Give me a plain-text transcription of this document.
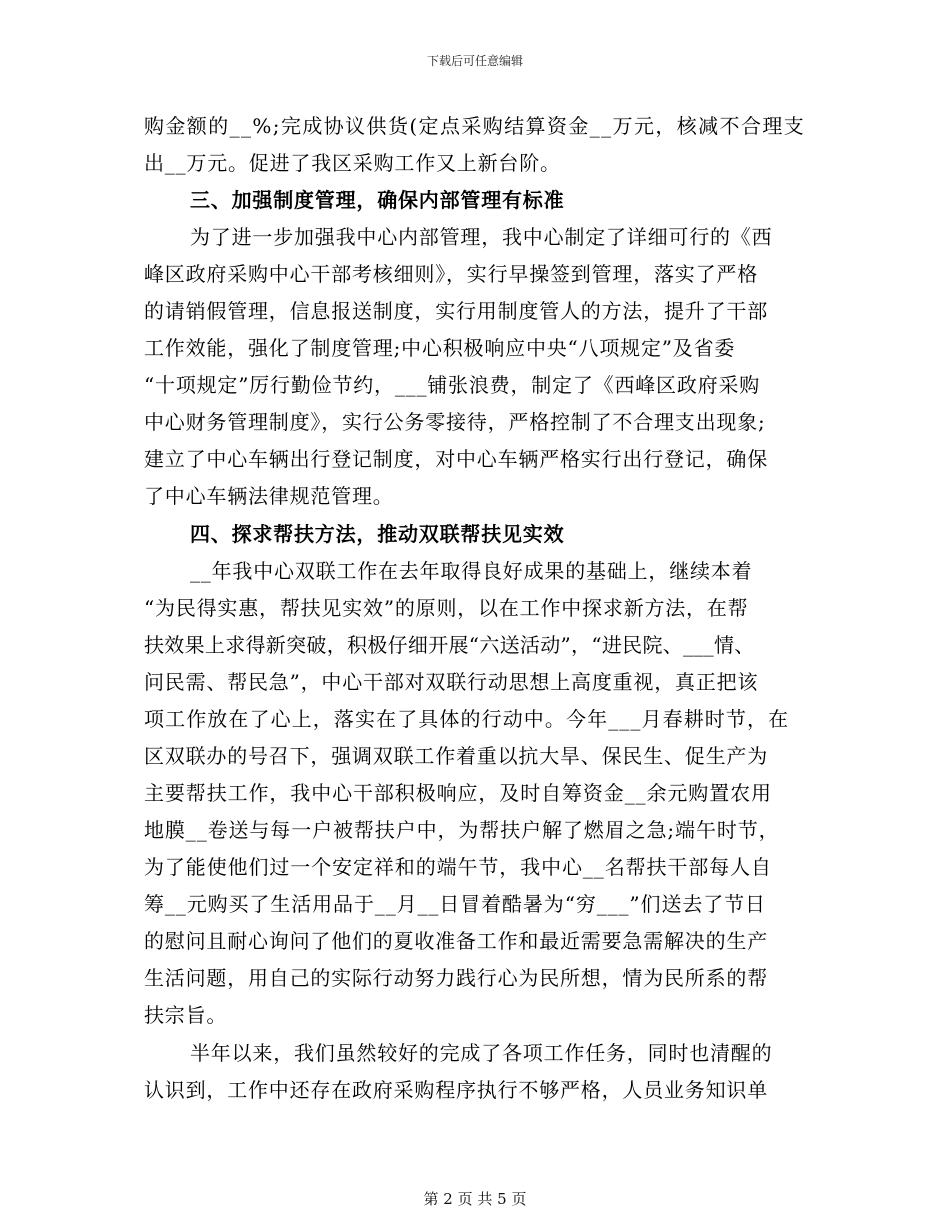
下载后可任意编辑
购金额的__%;完成协议供货(定点采购结算资金__万元，核减不合理支
出__万元。促进了我区采购工作又上新台阶。
三、加强制度管理，确保内部管理有标准
为了进一步加强我中心内部管理，我中心制定了详细可行的《西
峰区政府采购中心干部考核细则》，实行早操签到管理，落实了严格
的请销假管理，信息报送制度，实行用制度管人的方法，提升了干部
工作效能，强化了制度管理;中心积极响应中央“八项规定”及省委
“十项规定”厉行勤俭节约，___铺张浪费，制定了《西峰区政府采购
中心财务管理制度》，实行公务零接待，严格控制了不合理支出现象;
建立了中心车辆出行登记制度，对中心车辆严格实行出行登记，确保
了中心车辆法律规范管理。
四、探求帮扶方法，推动双联帮扶见实效
__年我中心双联工作在去年取得良好成果的基础上，继续本着
“为民得实惠，帮扶见实效”的原则，以在工作中探求新方法，在帮
扶效果上求得新突破，积极仔细开展“六送活动”，“进民院、___情、
问民需、帮民急”，中心干部对双联行动思想上高度重视，真正把该
项工作放在了心上，落实在了具体的行动中。今年___月春耕时节，在
区双联办的号召下，强调双联工作着重以抗大旱、保民生、促生产为
主要帮扶工作，我中心干部积极响应，及时自筹资金__余元购置农用
地膜__卷送与每一户被帮扶户中，为帮扶户解了燃眉之急;端午时节，
为了能使他们过一个安定祥和的端午节，我中心__名帮扶干部每人自
筹__元购买了生活用品于__月__日冒着酷暑为“穷___”们送去了节日
的慰问且耐心询问了他们的夏收准备工作和最近需要急需解决的生产
生活问题，用自己的实际行动努力践行心为民所想，情为民所系的帮
扶宗旨。
半年以来，我们虽然较好的完成了各项工作任务，同时也清醒的
认识到，工作中还存在政府采购程序执行不够严格，人员业务知识单
第 2 页 共 5 页
